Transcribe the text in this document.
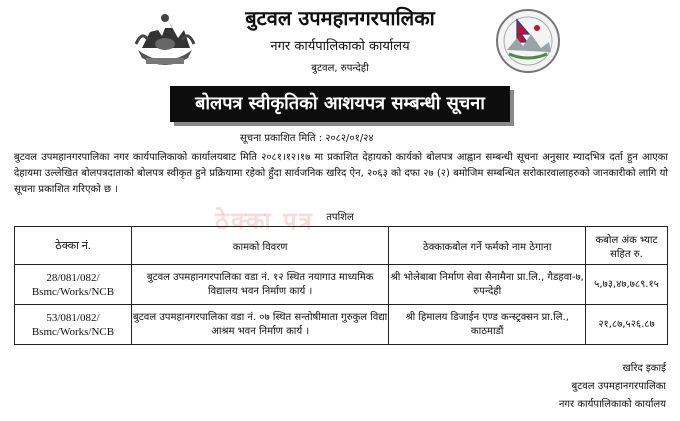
बुटवल उपमहानगरपालिका
नगर कार्यपालिकाको कार्यालय
बुटवल, रुपन्देही
बोलपत्र स्वीकृतिको आशयपत्र सम्बन्धी सूचना
सूचना प्रकाशित मिति : २०८२/०१/२४
बुटवल उपमहानगरपालिका नगर कार्यपालिकाको कार्यालयबाट मिति २०८१।१२।१७ मा प्रकाशित देहायको कार्यको बोलपत्र आह्वान सम्बन्धी सूचना अनुसार म्यादभित्र दर्ता हुन आएका देहायमा उल्लेखित बोलपत्रदाताको बोलपत्र स्वीकृत हुने प्रक्रियामा रहेको हुँदा सार्वजनिक खरिद ऐन, २०६३ को दफा २७ (२) बमोजिम सम्बन्धित सरोकारवालाहरुको जानकारीको लागि यो सूचना प्रकाशित गरिएको छ ।
ठेक्का पत्र	तपशिल
ठेक्का नं.	कामको विवरण	ठेक्काकबोल गर्ने फर्मको नाम ठेगाना	कबोल अंक भ्याट सहित रु.
28/081/082/ Bsmc/Works/NCB	बुटवल उपमहानगरपालिका वडा नं. १२ स्थित नयागाउ माध्यमिक विद्यालय भवन निर्माण कार्य ।	श्री भोलेबाबा निर्माण सेवा सैनामैना प्रा.लि., गैडहवा-७, रुपन्देही	५,७३,४७,७८९.१५
53/081/082/ Bsmc/Works/NCB	बुटवल उपमहानगरपालिका वडा नं. ०७ स्थित सन्तोषीमाता गुरुकुल विद्या आश्रम भवन निर्माण कार्य ।	श्री हिमालय डिजाईन एण्ड कन्स्ट्रक्सन प्रा.लि., काठमाडौं	२१,८७,५२६.८७
खरिद इकाई
बुटवल उपमहानगरपालिका
नगर कार्यपालिकाको कार्यालय
